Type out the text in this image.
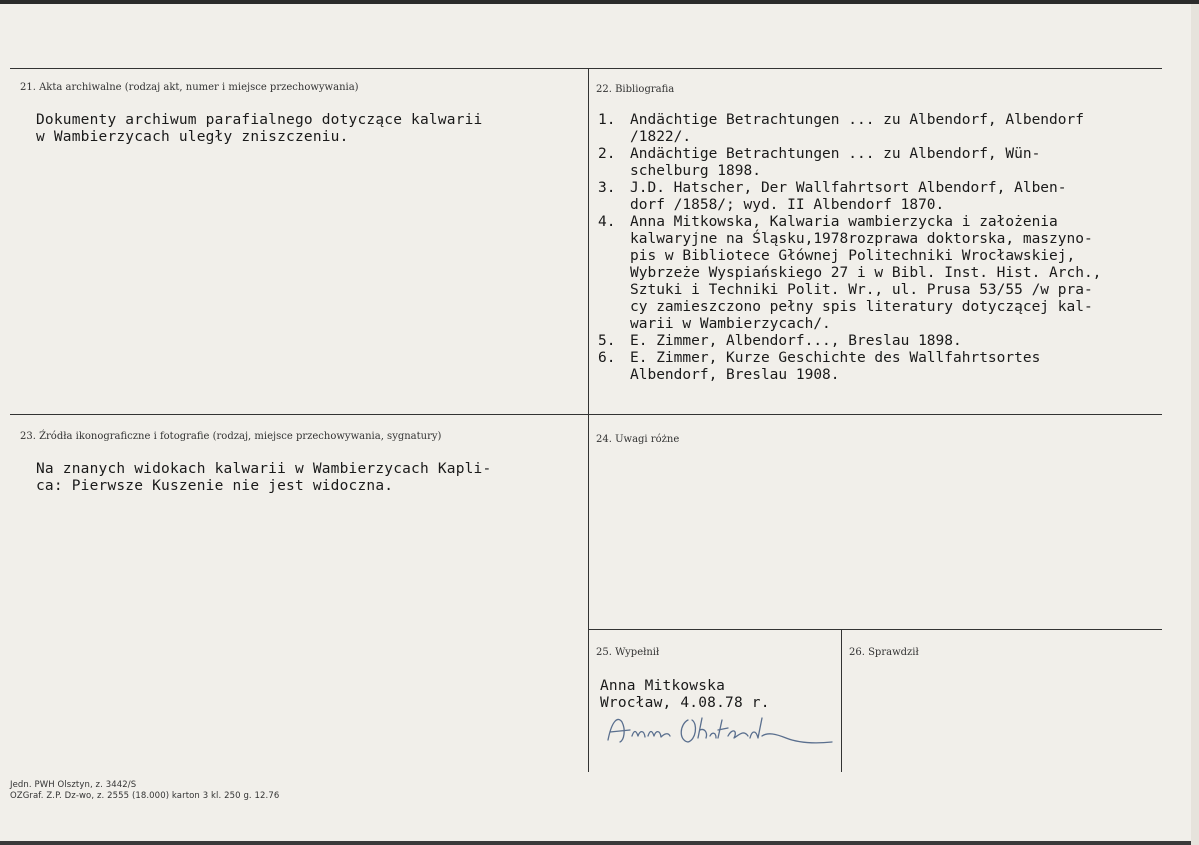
21. Akta archiwalne (rodzaj akt, numer i miejsce przechowywania)
Dokumenty archiwum parafialnego dotyczące kalwarii
w Wambierzycach uległy zniszczeniu.
22. Bibliografia
1.	Andächtige Betrachtungen ... zu Albendorf, Albendorf
/1822/.
2.	Andächtige Betrachtungen ... zu Albendorf, Wün-
schelburg 1898.
3.	J.D. Hatscher, Der Wallfahrtsort Albendorf, Alben-
dorf /1858/; wyd. II Albendorf 1870.
4.	Anna Mitkowska, Kalwaria wambierzycka i założenia
kalwaryjne na Śląsku,1978rozprawa doktorska, maszyno-
pis w Bibliotece Głównej Politechniki Wrocławskiej,
Wybrzeże Wyspiańskiego 27 i w Bibl. Inst. Hist. Arch.,
Sztuki i Techniki Polit. Wr., ul. Prusa 53/55 /w pra-
cy zamieszczono pełny spis literatury dotyczącej kal-
warii w Wambierzycach/.
5.	E. Zimmer, Albendorf..., Breslau 1898.
6.	E. Zimmer, Kurze Geschichte des Wallfahrtsortes
Albendorf, Breslau 1908.
23. Źródła ikonograficzne i fotografie (rodzaj, miejsce przechowywania, sygnatury)
Na znanych widokach kalwarii w Wambierzycach Kapli-
ca: Pierwsze Kuszenie nie jest widoczna.
24. Uwagi różne
25. Wypełnił
Anna Mitkowska
Wrocław, 4.08.78 r.
26. Sprawdził
Jedn. PWH Olsztyn, z. 3442/S
OZGraf. Z.P. Dz-wo, z. 2555 (18.000) karton 3 kl. 250 g. 12.76
